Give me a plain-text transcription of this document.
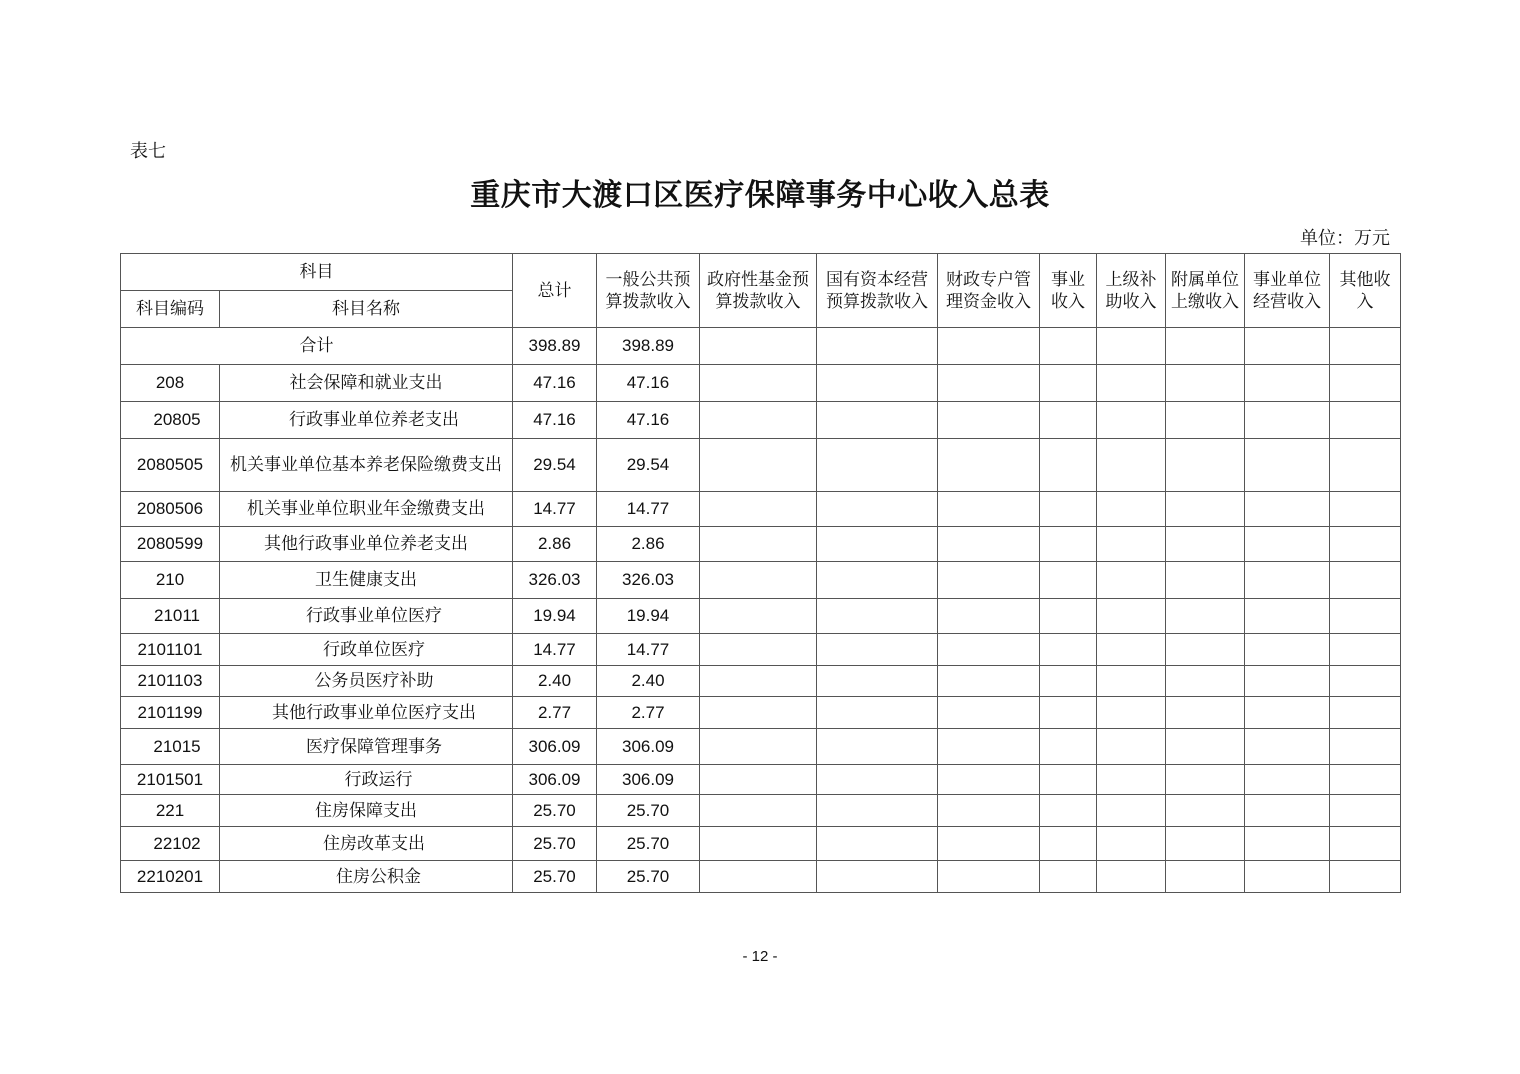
表七
重庆市大渡口区医疗保障事务中心收入总表
单位：万元
科目		总计	一般公共预算拨款收入	政府性基金预算拨款收入	国有资本经营预算拨款收入	财政专户管理资金收入	事业收入	上级补助收入	附属单位上缴收入	事业单位经营收入	其他收入
科目编码	科目名称										
合计		398.89	398.89								
208	社会保障和就业支出	47.16	47.16								
20805	行政事业单位养老支出	47.16	47.16								
2080505	机关事业单位基本养老保险缴费支出	29.54	29.54								
2080506	机关事业单位职业年金缴费支出	14.77	14.77								
2080599	其他行政事业单位养老支出	2.86	2.86								
210	卫生健康支出	326.03	326.03								
21011	行政事业单位医疗	19.94	19.94								
2101101	行政单位医疗	14.77	14.77								
2101103	公务员医疗补助	2.40	2.40								
2101199	其他行政事业单位医疗支出	2.77	2.77								
21015	医疗保障管理事务	306.09	306.09								
2101501	行政运行	306.09	306.09								
221	住房保障支出	25.70	25.70								
22102	住房改革支出	25.70	25.70								
2210201	住房公积金	25.70	25.70								
- 12 -
